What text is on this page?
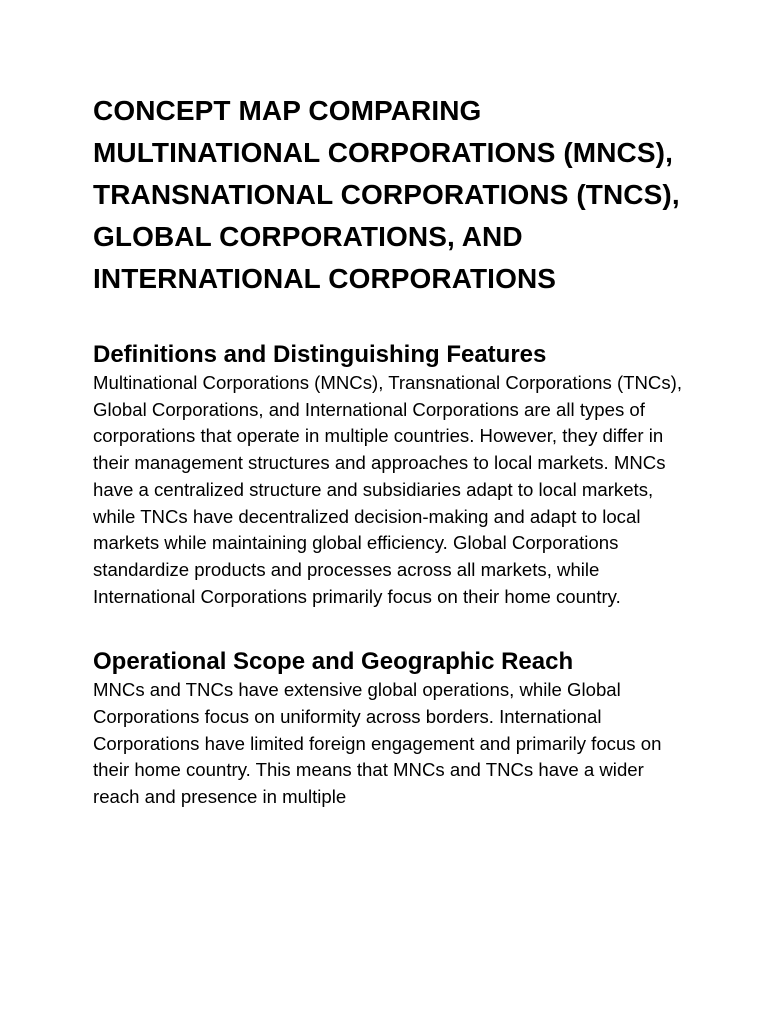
CONCEPT MAP COMPARING MULTINATIONAL CORPORATIONS (MNCS), TRANSNATIONAL CORPORATIONS (TNCS), GLOBAL CORPORATIONS, AND INTERNATIONAL CORPORATIONS
Definitions and Distinguishing Features

Multinational Corporations (MNCs), Transnational Corporations (TNCs), Global Corporations, and International Corporations are all types of corporations that operate in multiple countries. However, they differ in their management structures and approaches to local markets. MNCs have a centralized structure and subsidiaries adapt to local markets, while TNCs have decentralized decision-making and adapt to local markets while maintaining global efficiency. Global Corporations standardize products and processes across all markets, while International Corporations primarily focus on their home country.

Operational Scope and Geographic Reach

MNCs and TNCs have extensive global operations, while Global Corporations focus on uniformity across borders. International Corporations have limited foreign engagement and primarily focus on their home country. This means that MNCs and TNCs have a wider reach and presence in multiple
